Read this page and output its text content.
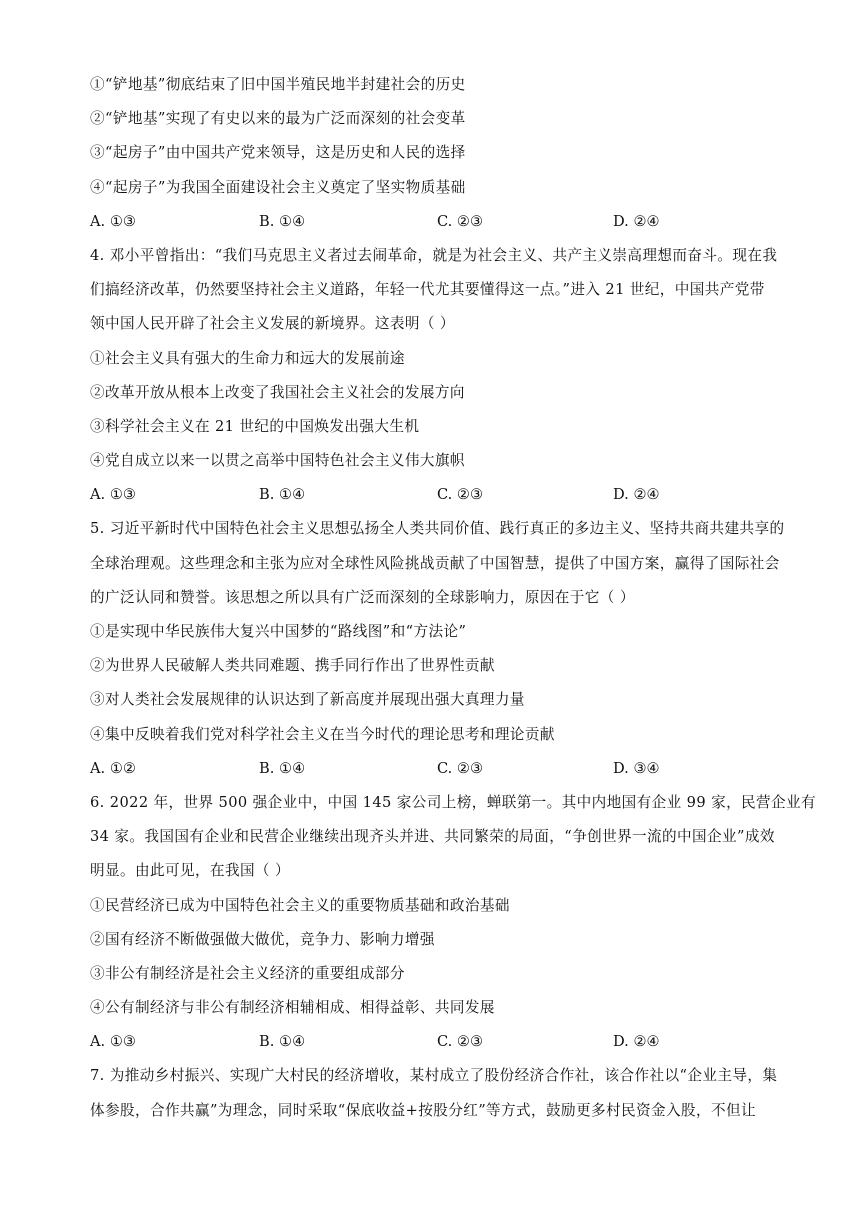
①“铲地基”彻底结束了旧中国半殖民地半封建社会的历史
②“铲地基”实现了有史以来的最为广泛而深刻的社会变革
③“起房子”由中国共产党来领导，这是历史和人民的选择
④“起房子”为我国全面建设社会主义奠定了坚实物质基础
A. ①③	B. ①④	C. ②③	D. ②④
4. 邓小平曾指出：“我们马克思主义者过去闹革命，就是为社会主义、共产主义崇高理想而奋斗。现在我
们搞经济改革，仍然要坚持社会主义道路，年轻一代尤其要懂得这一点。”进入 21 世纪，中国共产党带
领中国人民开辟了社会主义发展的新境界。这表明（ ）
①社会主义具有强大的生命力和远大的发展前途
②改革开放从根本上改变了我国社会主义社会的发展方向
③科学社会主义在 21 世纪的中国焕发出强大生机
④党自成立以来一以贯之高举中国特色社会主义伟大旗帜
A. ①③	B. ①④	C. ②③	D. ②④
5. 习近平新时代中国特色社会主义思想弘扬全人类共同价值、践行真正的多边主义、坚持共商共建共享的
全球治理观。这些理念和主张为应对全球性风险挑战贡献了中国智慧，提供了中国方案，赢得了国际社会
的广泛认同和赞誉。该思想之所以具有广泛而深刻的全球影响力，原因在于它（ ）
①是实现中华民族伟大复兴中国梦的“路线图”和“方法论”
②为世界人民破解人类共同难题、携手同行作出了世界性贡献
③对人类社会发展规律的认识达到了新高度并展现出强大真理力量
④集中反映着我们党对科学社会主义在当今时代的理论思考和理论贡献
A. ①②	B. ①④	C. ②③	D. ③④
6. 2022 年，世界 500 强企业中，中国 145 家公司上榜，蝉联第一。其中内地国有企业 99 家，民营企业有
34 家。我国国有企业和民营企业继续出现齐头并进、共同繁荣的局面，“争创世界一流的中国企业”成效
明显。由此可见，在我国（ ）
①民营经济已成为中国特色社会主义的重要物质基础和政治基础
②国有经济不断做强做大做优，竞争力、影响力增强
③非公有制经济是社会主义经济的重要组成部分
④公有制经济与非公有制经济相辅相成、相得益彰、共同发展
A. ①③	B. ①④	C. ②③	D. ②④
7. 为推动乡村振兴、实现广大村民的经济增收，某村成立了股份经济合作社，该合作社以“企业主导，集
体参股，合作共赢”为理念，同时采取“保底收益+按股分红”等方式，鼓励更多村民资金入股，不但让
